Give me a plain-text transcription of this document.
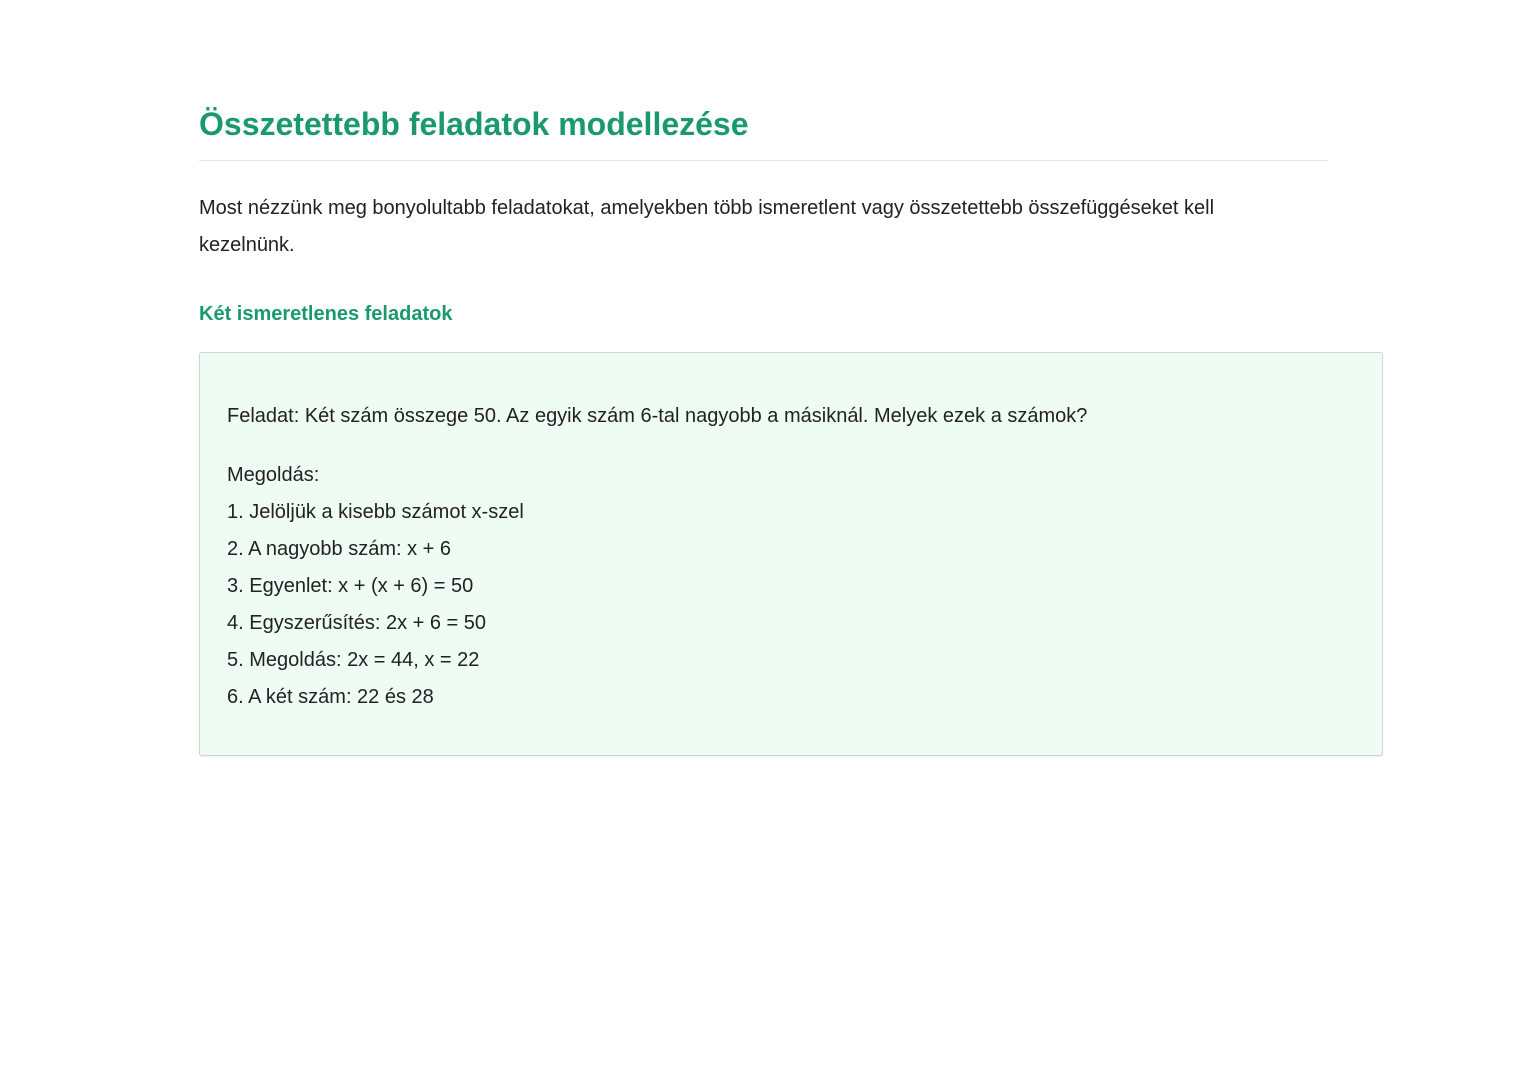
Összetettebb feladatok modellezése

Most nézzünk meg bonyolultabb feladatokat, amelyekben több ismeretlent vagy összetettebb összefüggéseket kell kezelnünk.

Két ismeretlenes feladatok

Feladat: Két szám összege 50. Az egyik szám 6-tal nagyobb a másiknál. Melyek ezek a számok?

Megoldás:

1. Jelöljük a kisebb számot x-szel
2. A nagyobb szám: x + 6
3. Egyenlet: x + (x + 6) = 50
4. Egyszerűsítés: 2x + 6 = 50
5. Megoldás: 2x = 44, x = 22
6. A két szám: 22 és 28
